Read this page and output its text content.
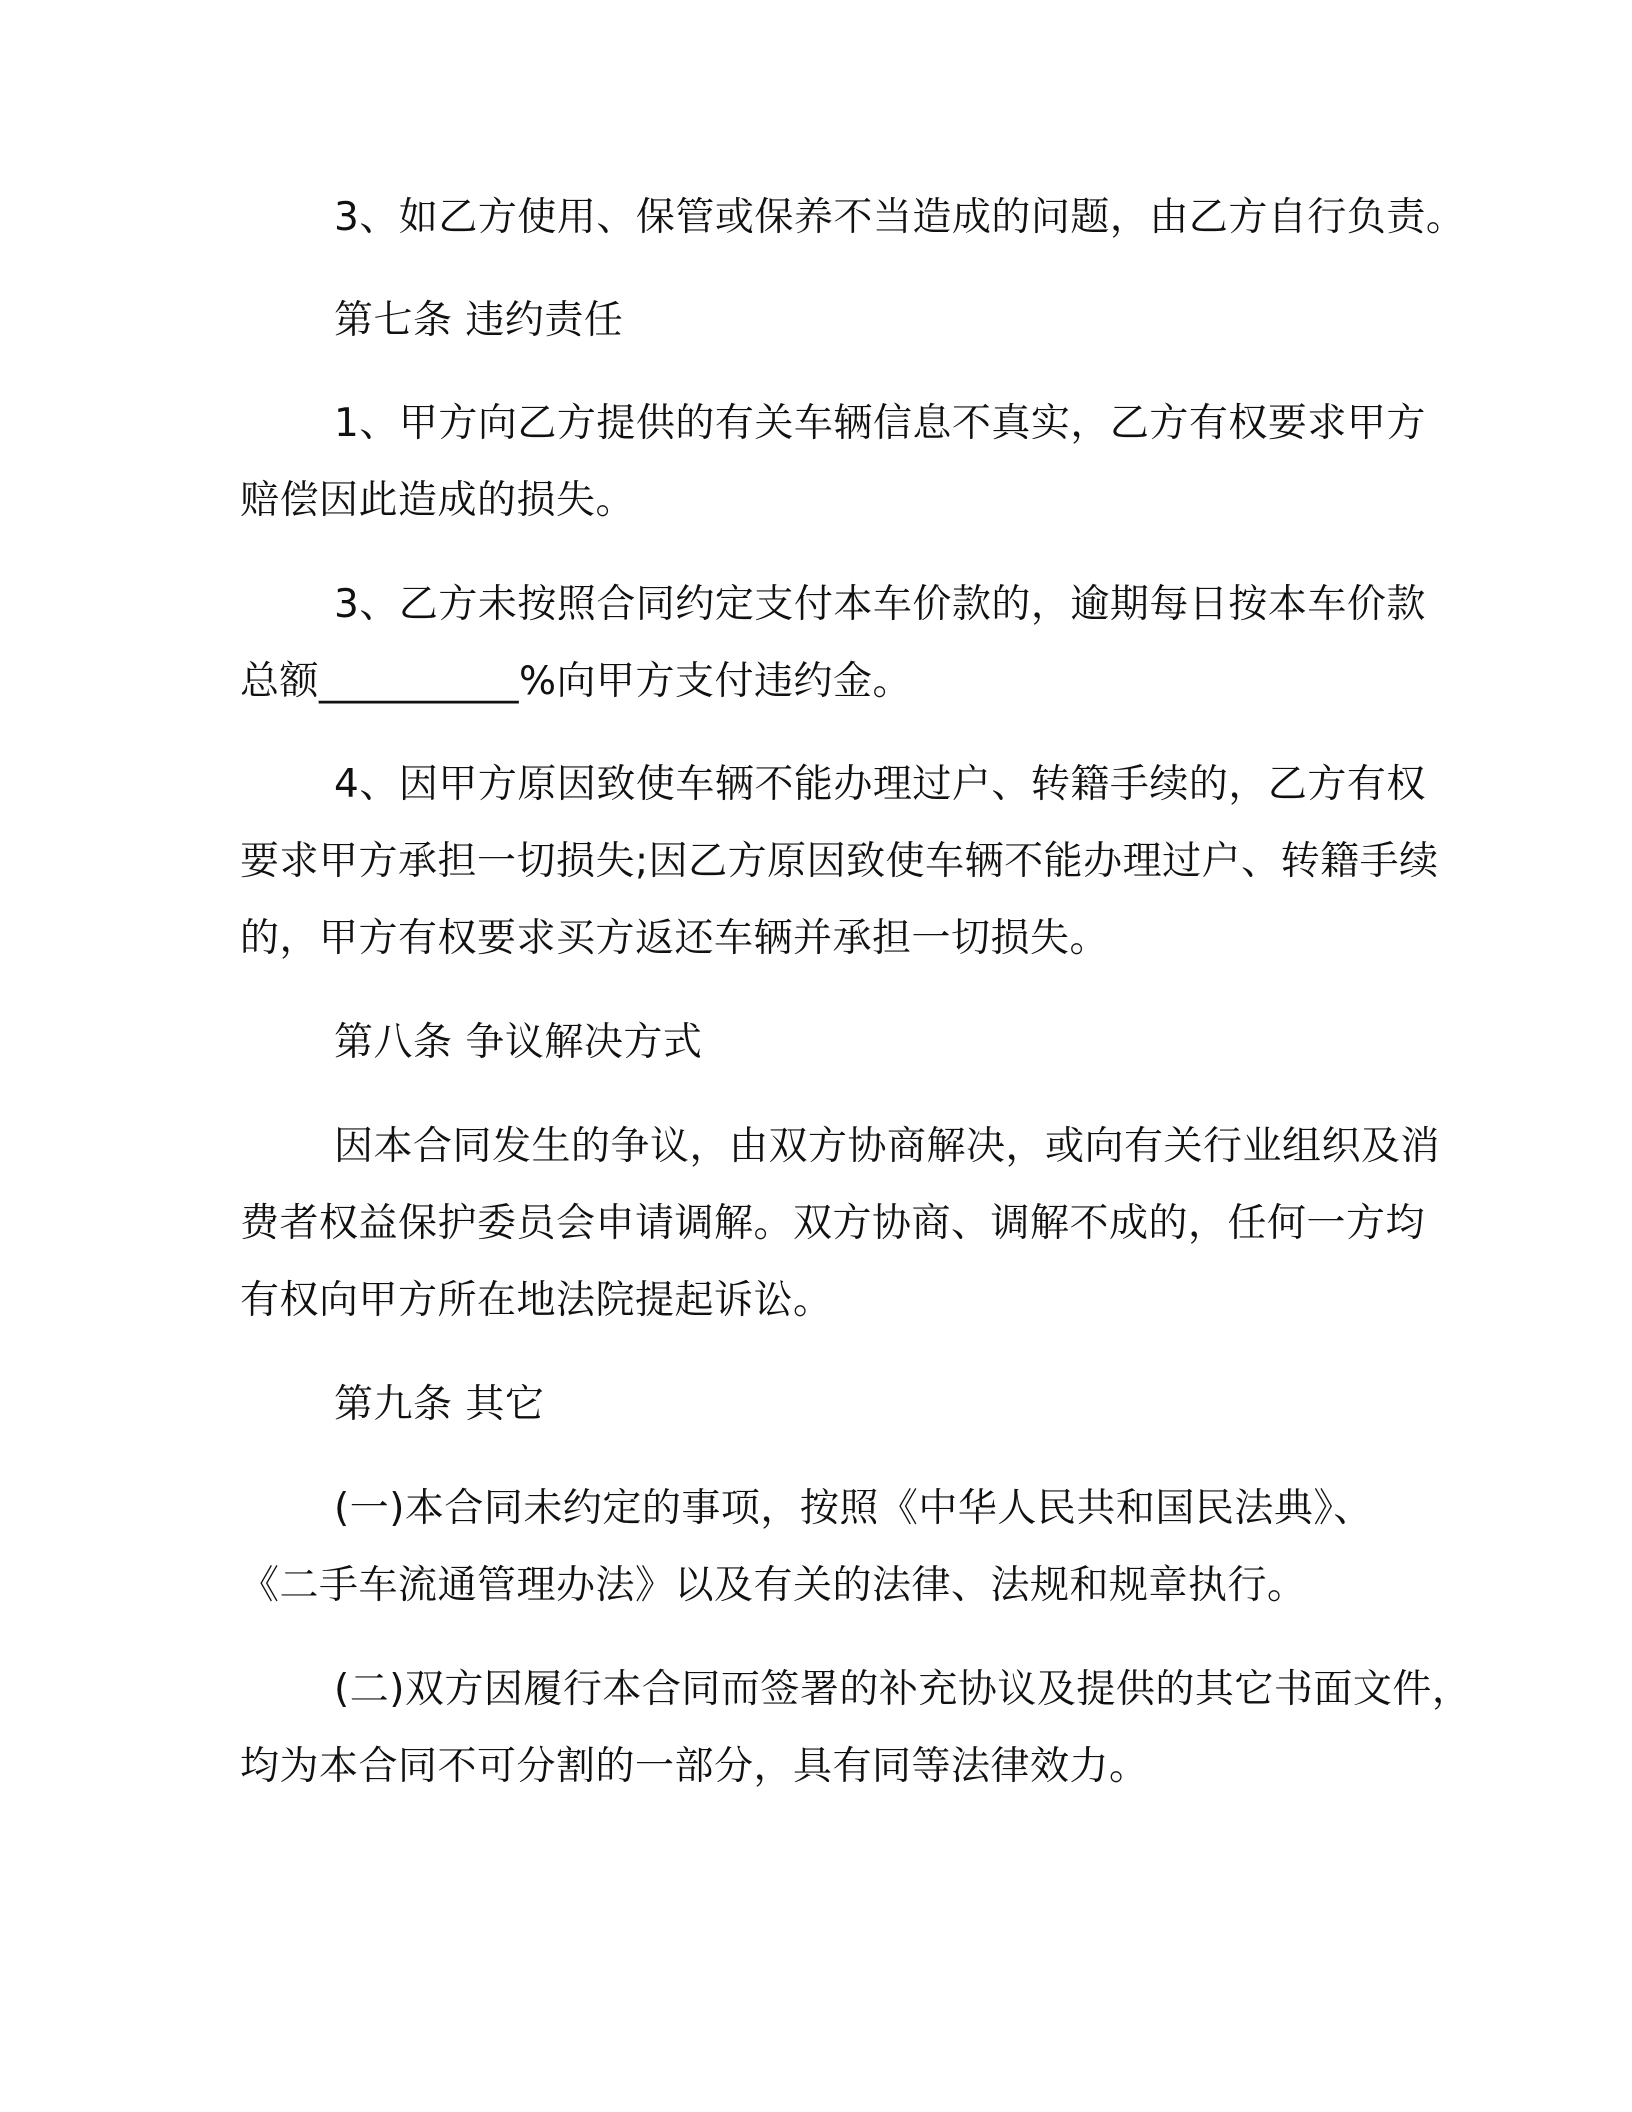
3、如乙方使用、保管或保养不当造成的问题，由乙方自行负责。
第七条 违约责任
1、甲方向乙方提供的有关车辆信息不真实，乙方有权要求甲方
赔偿因此造成的损失。
3、乙方未按照合同约定支付本车价款的，逾期每日按本车价款
总额__________%向甲方支付违约金。
4、因甲方原因致使车辆不能办理过户、转籍手续的，乙方有权
要求甲方承担一切损失;因乙方原因致使车辆不能办理过户、转籍手续
的，甲方有权要求买方返还车辆并承担一切损失。
第八条 争议解决方式
因本合同发生的争议，由双方协商解决，或向有关行业组织及消
费者权益保护委员会申请调解。双方协商、调解不成的，任何一方均
有权向甲方所在地法院提起诉讼。
第九条 其它
(一)本合同未约定的事项，按照《中华人民共和国民法典》、
《二手车流通管理办法》以及有关的法律、法规和规章执行。
(二)双方因履行本合同而签署的补充协议及提供的其它书面文件，
均为本合同不可分割的一部分，具有同等法律效力。
